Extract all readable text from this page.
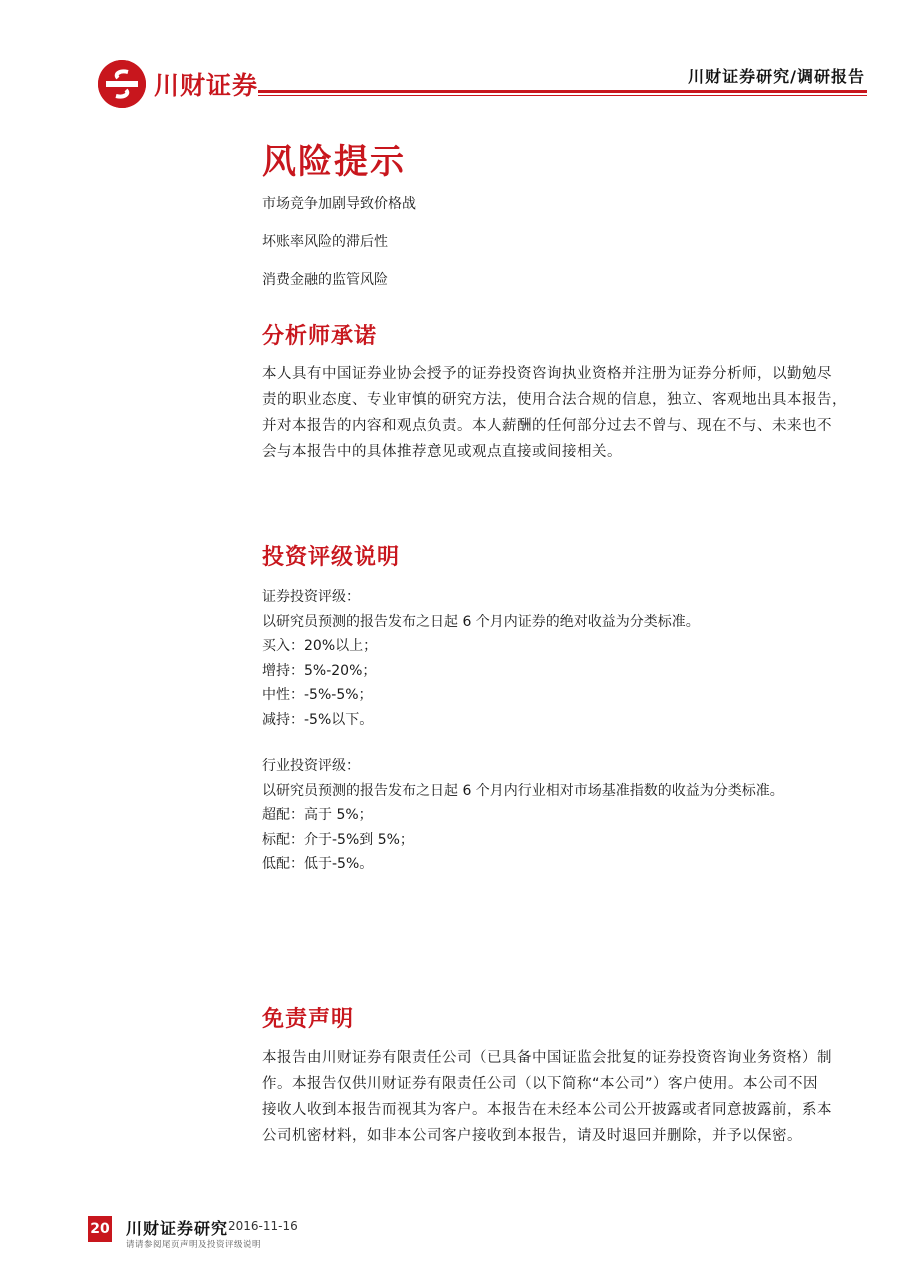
川财证券	川财证券研究/调研报告
风险提示
市场竞争加剧导致价格战
坏账率风险的滞后性
消费金融的监管风险
分析师承诺
本人具有中国证券业协会授予的证券投资咨询执业资格并注册为证券分析师，以勤勉尽
责的职业态度、专业审慎的研究方法，使用合法合规的信息，独立、客观地出具本报告，
并对本报告的内容和观点负责。本人薪酬的任何部分过去不曾与、现在不与、未来也不
会与本报告中的具体推荐意见或观点直接或间接相关。
投资评级说明

证券投资评级：

以研究员预测的报告发布之日起 6 个月内证券的绝对收益为分类标准。

买入：20%以上；

增持：5%-20%；

中性：-5%-5%；

减持：-5%以下。

行业投资评级：

以研究员预测的报告发布之日起 6 个月内行业相对市场基准指数的收益为分类标准。

超配：高于 5%；

标配：介于-5%到 5%；

低配：低于-5%。

免责声明
本报告由川财证券有限责任公司（已具备中国证监会批复的证券投资咨询业务资格）制
作。本报告仅供川财证券有限责任公司（以下简称“本公司”）客户使用。本公司不因
接收人收到本报告而视其为客户。本报告在未经本公司公开披露或者同意披露前，系本
公司机密材料，如非本公司客户接收到本报告，请及时退回并删除，并予以保密。
20 川财证券研究 2016-11-16
请请参阅尾页声明及投资评级说明
